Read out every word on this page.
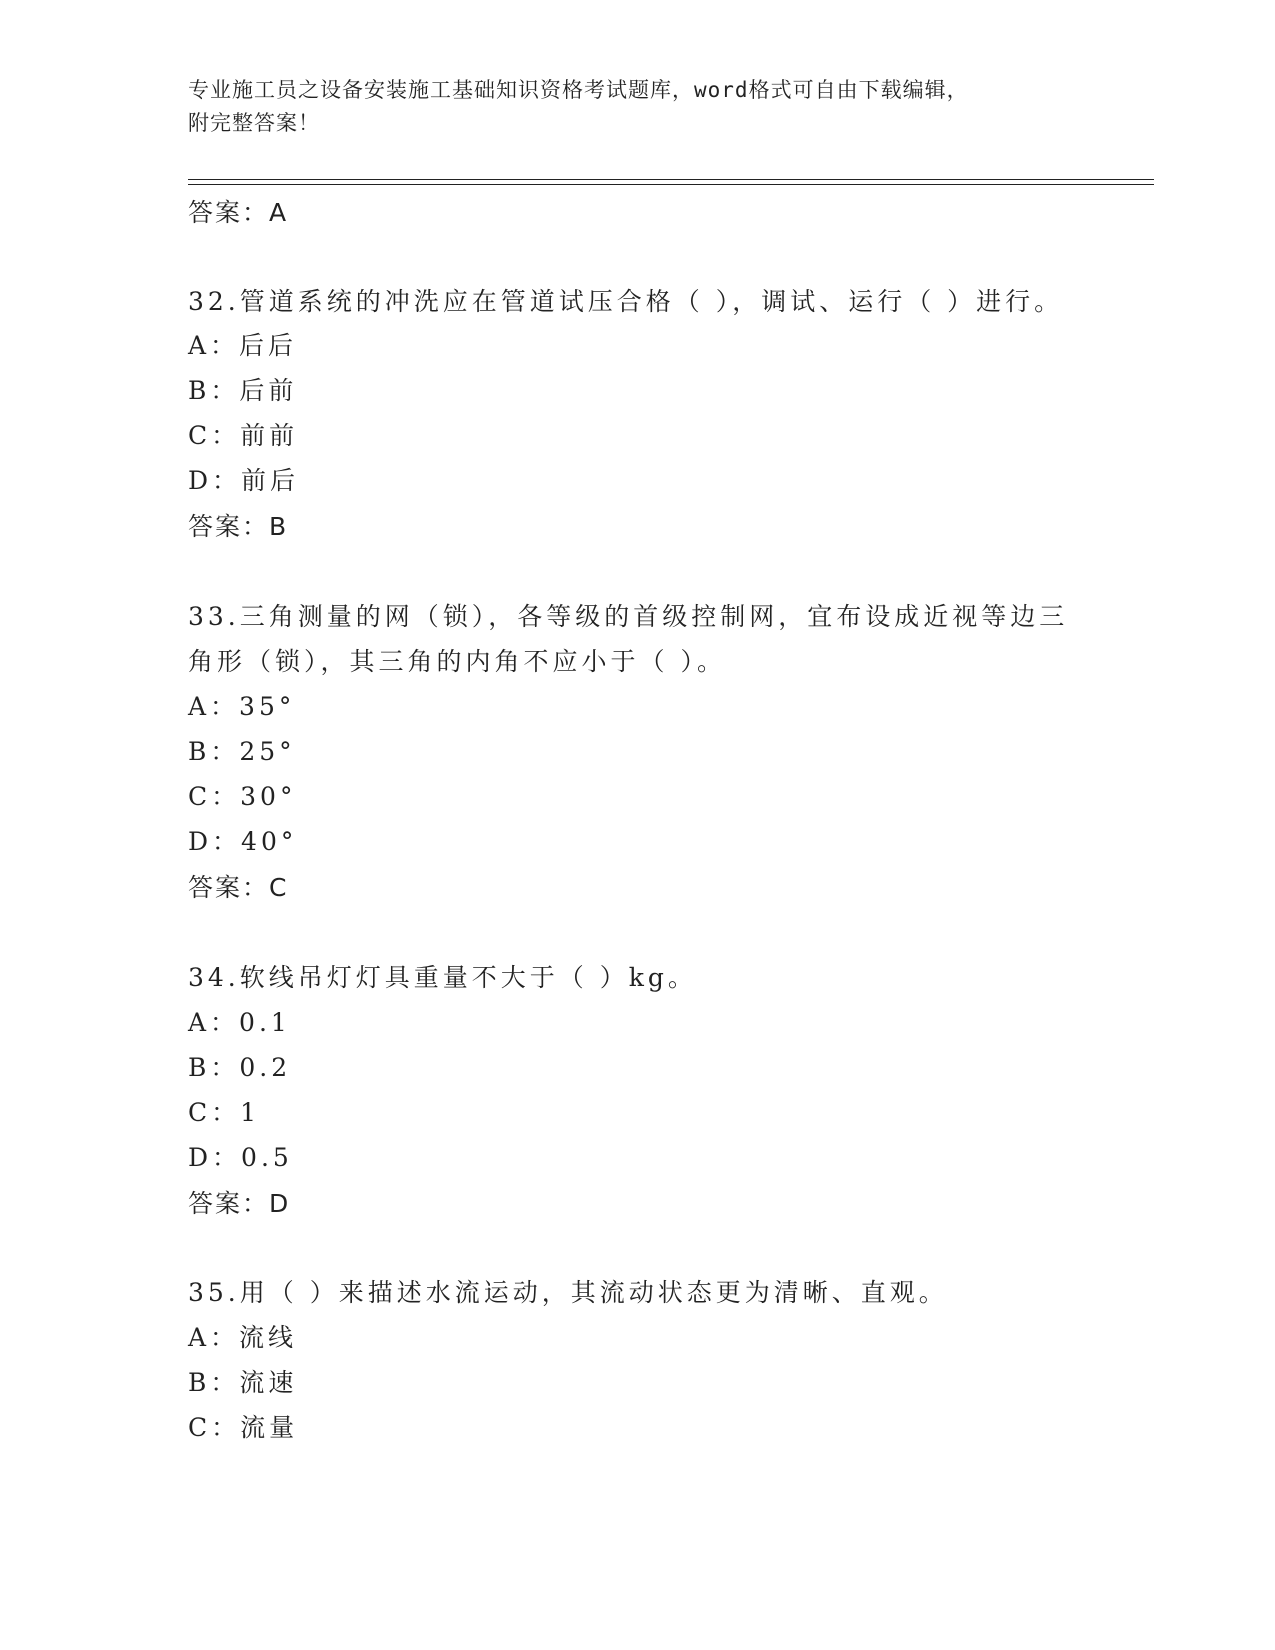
专业施工员之设备安装施工基础知识资格考试题库，word格式可自由下载编辑，
附完整答案！
答案：A
32.管道系统的冲洗应在管道试压合格（ ），调试、运行（ ）进行。
A：后后
B：后前
C：前前
D：前后
答案：B
33.三角测量的网（锁），各等级的首级控制网，宜布设成近视等边三
角形（锁），其三角的内角不应小于（ ）。
A：35°
B：25°
C：30°
D：40°
答案：C
34.软线吊灯灯具重量不大于（ ）kg。
A：0.1
B：0.2
C：1
D：0.5
答案：D
35.用（ ）来描述水流运动，其流动状态更为清晰、直观。
A：流线
B：流速
C：流量
